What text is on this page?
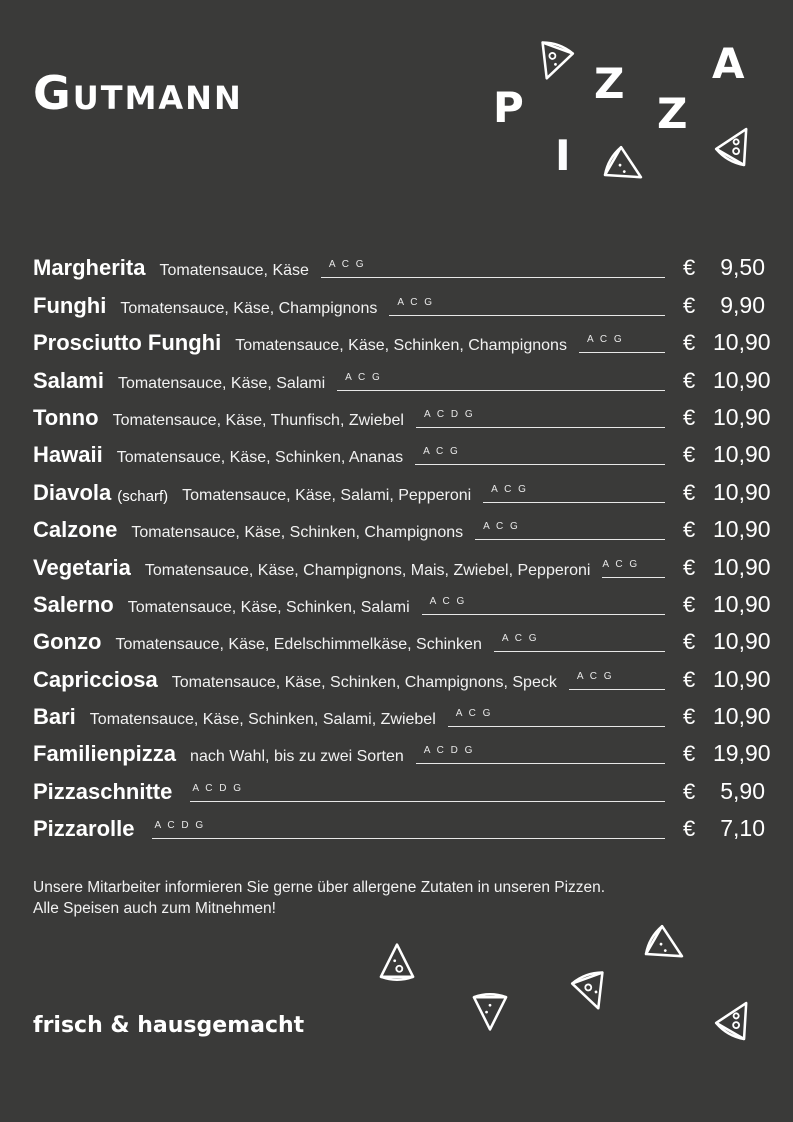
Gutmann	P
I
Z
Z
A
Margherita Tomatensauce, Käse A C G	€	9,50
Funghi Tomatensauce, Käse, Champignons A C G	€	9,90
Prosciutto Funghi Tomatensauce, Käse, Schinken, Champignons A C G	€ 10,90
Salami Tomatensauce, Käse, Salami A C G	€ 10,90
Tonno Tomatensauce, Käse, Thunfisch, Zwiebel A C D G	€ 10,90
Hawaii Tomatensauce, Käse, Schinken, Ananas A C G	€ 10,90
Diavola (scharf) Tomatensauce, Käse, Salami, Pepperoni A C G	€ 10,90
Calzone Tomatensauce, Käse, Schinken, Champignons A C G	€ 10,90
Vegetaria Tomatensauce, Käse, Champignons, Mais, Zwiebel, Pepperoni A C G € 10,90
Salerno Tomatensauce, Käse, Schinken, Salami A C G	€ 10,90
Gonzo Tomatensauce, Käse, Edelschimmelkäse, Schinken A C G	€ 10,90
Capricciosa Tomatensauce, Käse, Schinken, Champignons, Speck A C G	€ 10,90
Bari Tomatensauce, Käse, Schinken, Salami, Zwiebel A C G	€ 10,90
Familienpizza nach Wahl, bis zu zwei Sorten A C D G	€ 19,90
Pizzaschnitte A C D G	€	5,90
Pizzarolle A C D G	€	7,10
Unsere Mitarbeiter informieren Sie gerne über allergene Zutaten in unseren Pizzen.
Alle Speisen auch zum Mitnehmen!
frisch & hausgemacht
